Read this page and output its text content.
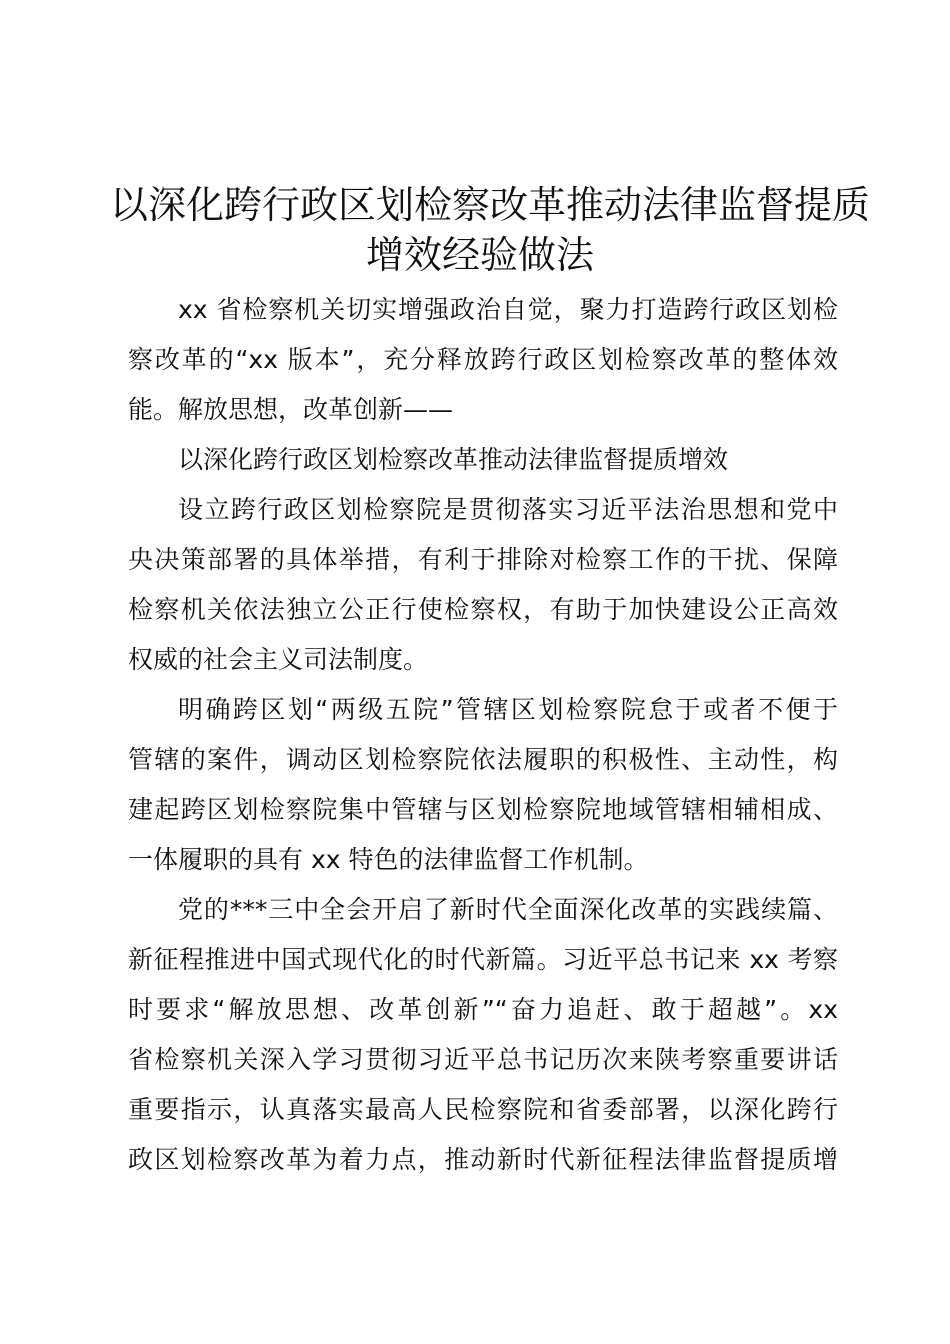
以深化跨行政区划检察改革推动法律监督提质
增效经验做法
xx 省检察机关切实增强政治自觉，聚力打造跨行政区划检
察改革的“xx 版本”，充分释放跨行政区划检察改革的整体效
能。解放思想，改革创新——
以深化跨行政区划检察改革推动法律监督提质增效
设立跨行政区划检察院是贯彻落实习近平法治思想和党中
央决策部署的具体举措，有利于排除对检察工作的干扰、保障
检察机关依法独立公正行使检察权，有助于加快建设公正高效
权威的社会主义司法制度。
明确跨区划“两级五院”管辖区划检察院怠于或者不便于
管辖的案件，调动区划检察院依法履职的积极性、主动性，构
建起跨区划检察院集中管辖与区划检察院地域管辖相辅相成、
一体履职的具有 xx 特色的法律监督工作机制。
党的***三中全会开启了新时代全面深化改革的实践续篇、
新征程推进中国式现代化的时代新篇。习近平总书记来 xx 考察
时要求“解放思想、改革创新”“奋力追赶、敢于超越”。xx
省检察机关深入学习贯彻习近平总书记历次来陕考察重要讲话
重要指示，认真落实最高人民检察院和省委部署，以深化跨行
政区划检察改革为着力点，推动新时代新征程法律监督提质增
